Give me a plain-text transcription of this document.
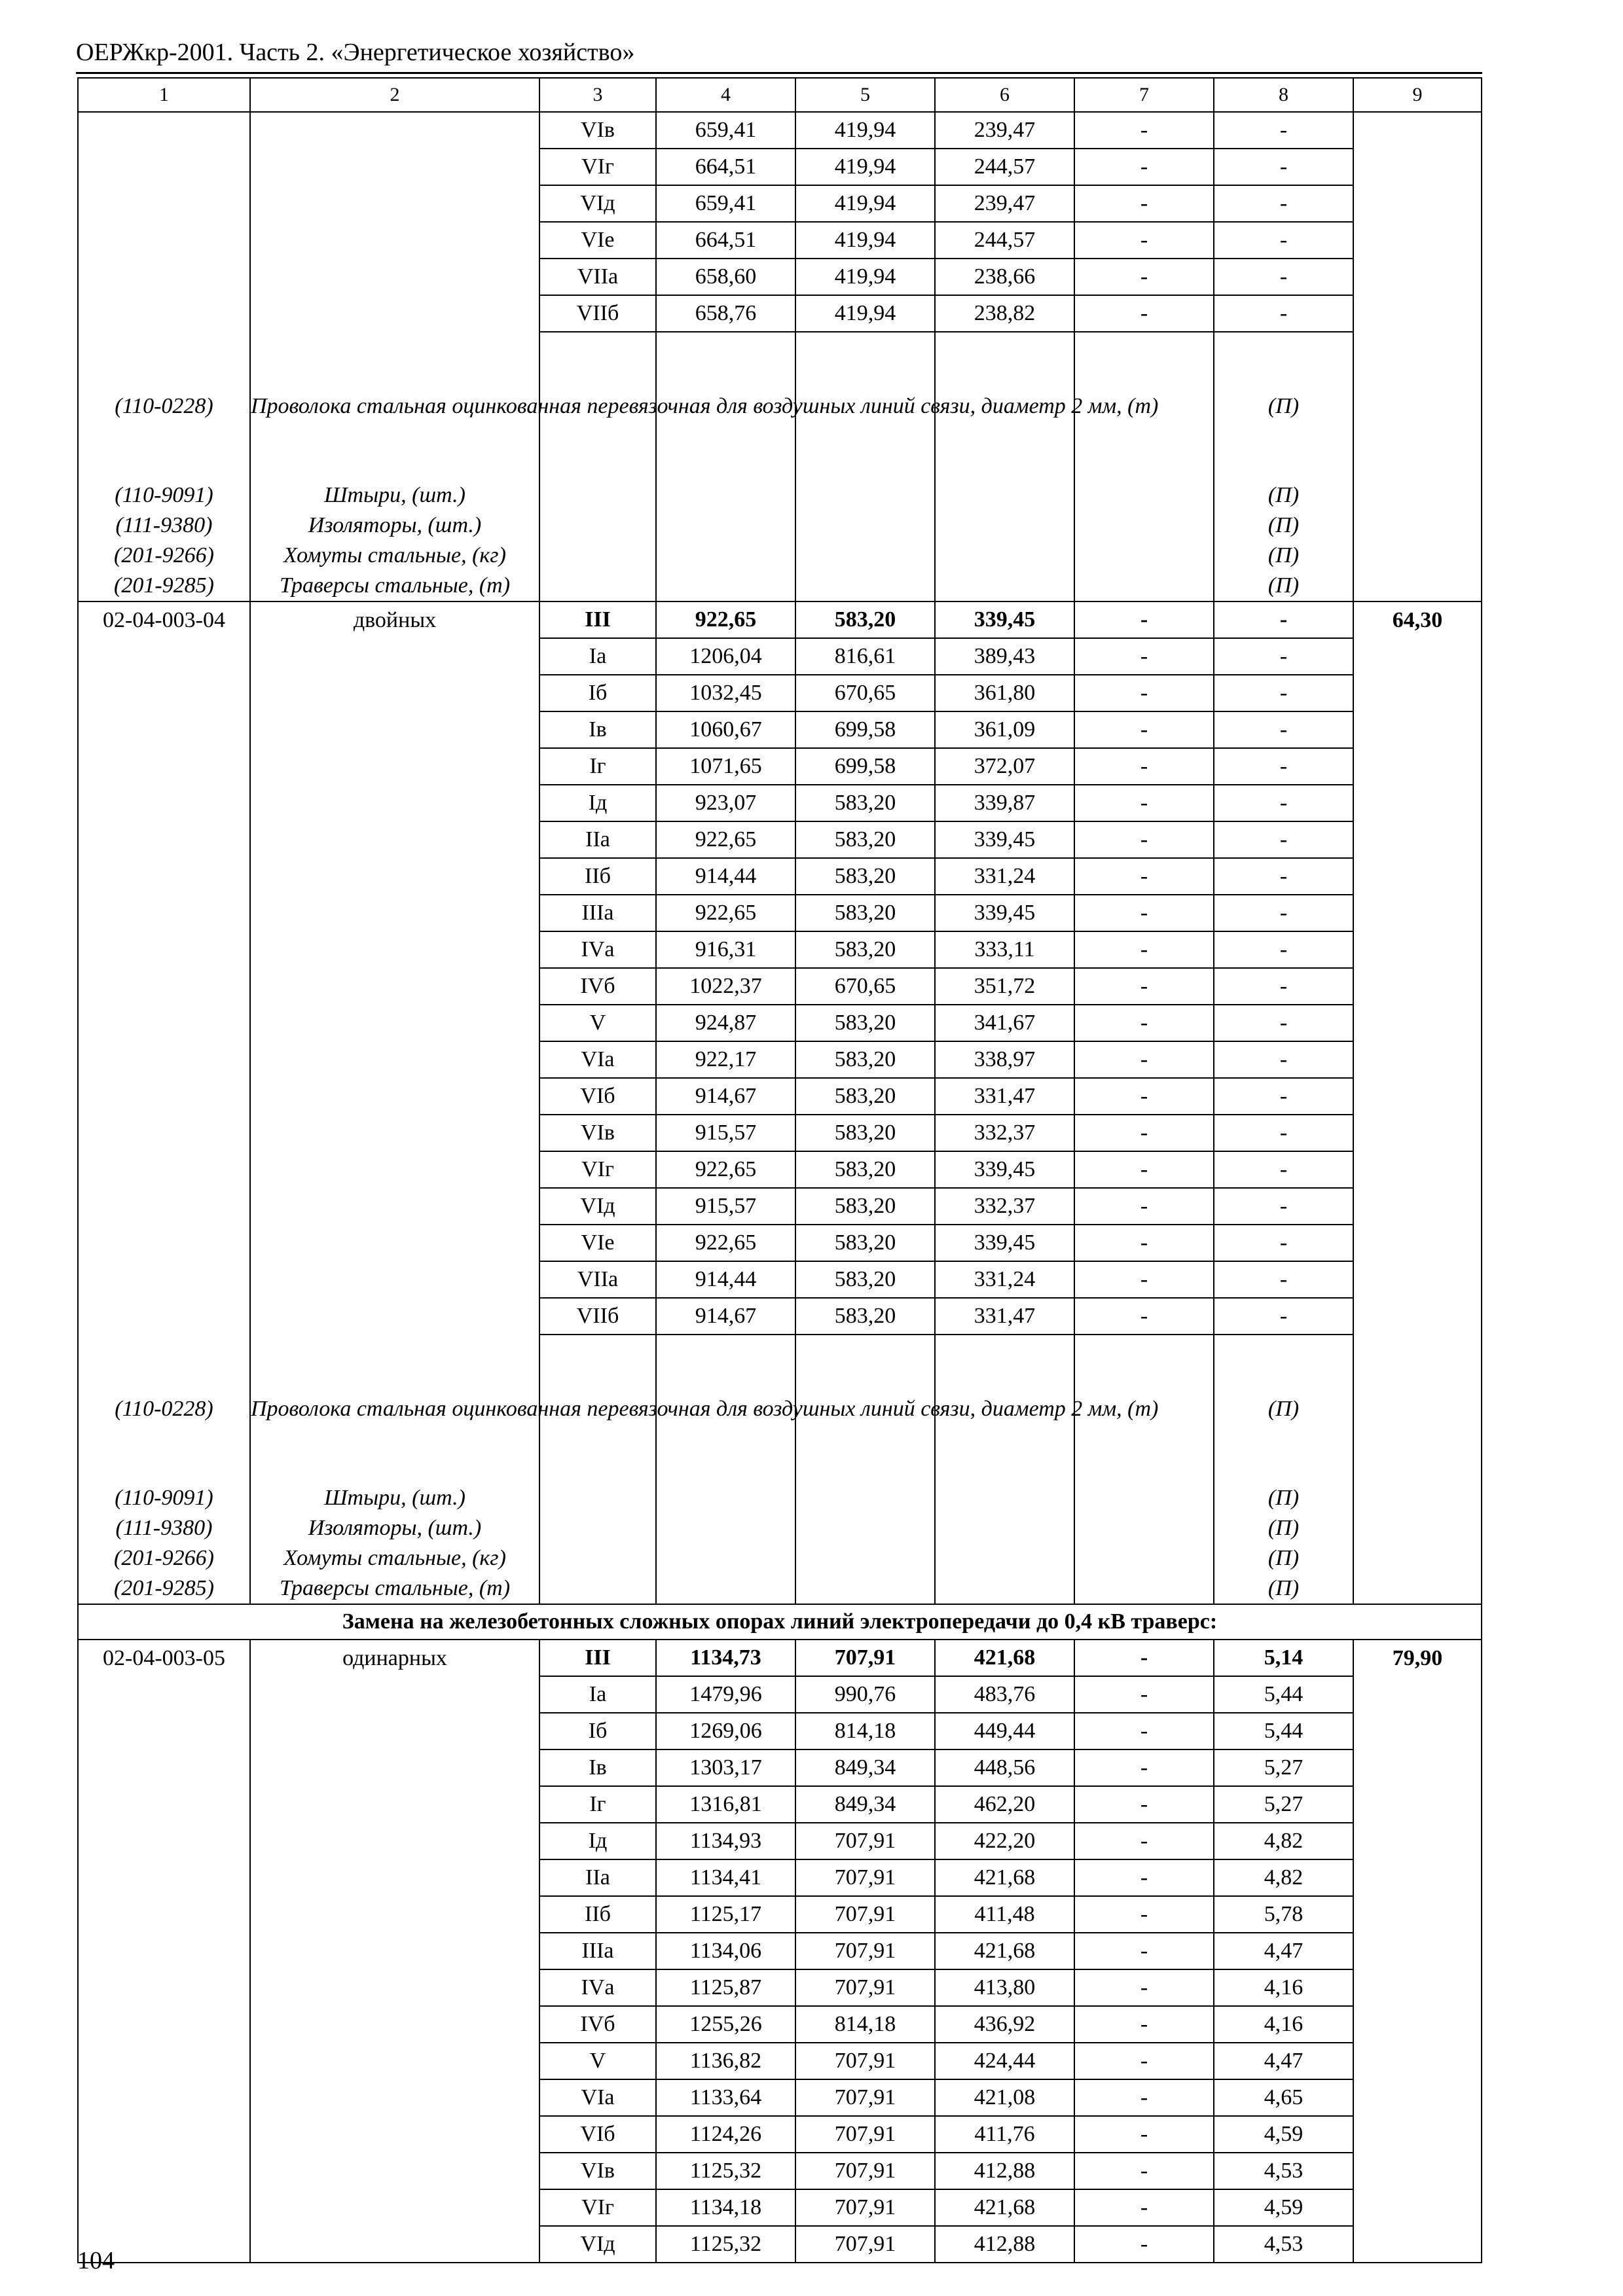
ОЕРЖкр-2001. Часть 2. «Энергетическое хозяйство»
1	2	3	4	5	6	7	8	9
		VIв	659,41	419,94	239,47	-	-	
		VIг	664,51	419,94	244,57	-	-	
		VIд	659,41	419,94	239,47	-	-	
		VIе	664,51	419,94	244,57	-	-	
		VIIа	658,60	419,94	238,66	-	-	
		VIIб	658,76	419,94	238,82	-	-	
(110-0228)	Проволока стальная оцинкованная перевязочная для воздушных линий связи, диаметр 2 мм, (т)						(П)	
(110-9091)	Штыри, (шт.)						(П)	
(111-9380)	Изоляторы, (шт.)						(П)	
(201-9266)	Хомуты стальные, (кг)						(П)	
(201-9285)	Траверсы стальные, (т)						(П)	
02-04-003-04	двойных	III	922,65	583,20	339,45	-	-	64,30
		Iа	1206,04	816,61	389,43	-	-	
		Iб	1032,45	670,65	361,80	-	-	
		Iв	1060,67	699,58	361,09	-	-	
		Iг	1071,65	699,58	372,07	-	-	
		Iд	923,07	583,20	339,87	-	-	
		IIа	922,65	583,20	339,45	-	-	
		IIб	914,44	583,20	331,24	-	-	
		IIIа	922,65	583,20	339,45	-	-	
		IVа	916,31	583,20	333,11	-	-	
		IVб	1022,37	670,65	351,72	-	-	
		V	924,87	583,20	341,67	-	-	
		VIа	922,17	583,20	338,97	-	-	
		VIб	914,67	583,20	331,47	-	-	
		VIв	915,57	583,20	332,37	-	-	
		VIг	922,65	583,20	339,45	-	-	
		VIд	915,57	583,20	332,37	-	-	
		VIе	922,65	583,20	339,45	-	-	
		VIIа	914,44	583,20	331,24	-	-	
		VIIб	914,67	583,20	331,47	-	-	
(110-0228)	Проволока стальная оцинкованная перевязочная для воздушных линий связи, диаметр 2 мм, (т)						(П)	
(110-9091)	Штыри, (шт.)						(П)	
(111-9380)	Изоляторы, (шт.)						(П)	
(201-9266)	Хомуты стальные, (кг)						(П)	
(201-9285)	Траверсы стальные, (т)						(П)	
Замена на железобетонных сложных опорах линий электропередачи до 0,4 кВ траверс:								
02-04-003-05	одинарных	III	1134,73	707,91	421,68	-	5,14	79,90
		Iа	1479,96	990,76	483,76	-	5,44	
		Iб	1269,06	814,18	449,44	-	5,44	
		Iв	1303,17	849,34	448,56	-	5,27	
		Iг	1316,81	849,34	462,20	-	5,27	
		Iд	1134,93	707,91	422,20	-	4,82	
		IIа	1134,41	707,91	421,68	-	4,82	
		IIб	1125,17	707,91	411,48	-	5,78	
		IIIа	1134,06	707,91	421,68	-	4,47	
		IVа	1125,87	707,91	413,80	-	4,16	
		IVб	1255,26	814,18	436,92	-	4,16	
		V	1136,82	707,91	424,44	-	4,47	
		VIа	1133,64	707,91	421,08	-	4,65	
		VIб	1124,26	707,91	411,76	-	4,59	
		VIв	1125,32	707,91	412,88	-	4,53	
		VIг	1134,18	707,91	421,68	-	4,59	
		VIд	1125,32	707,91	412,88	-	4,53	
104
